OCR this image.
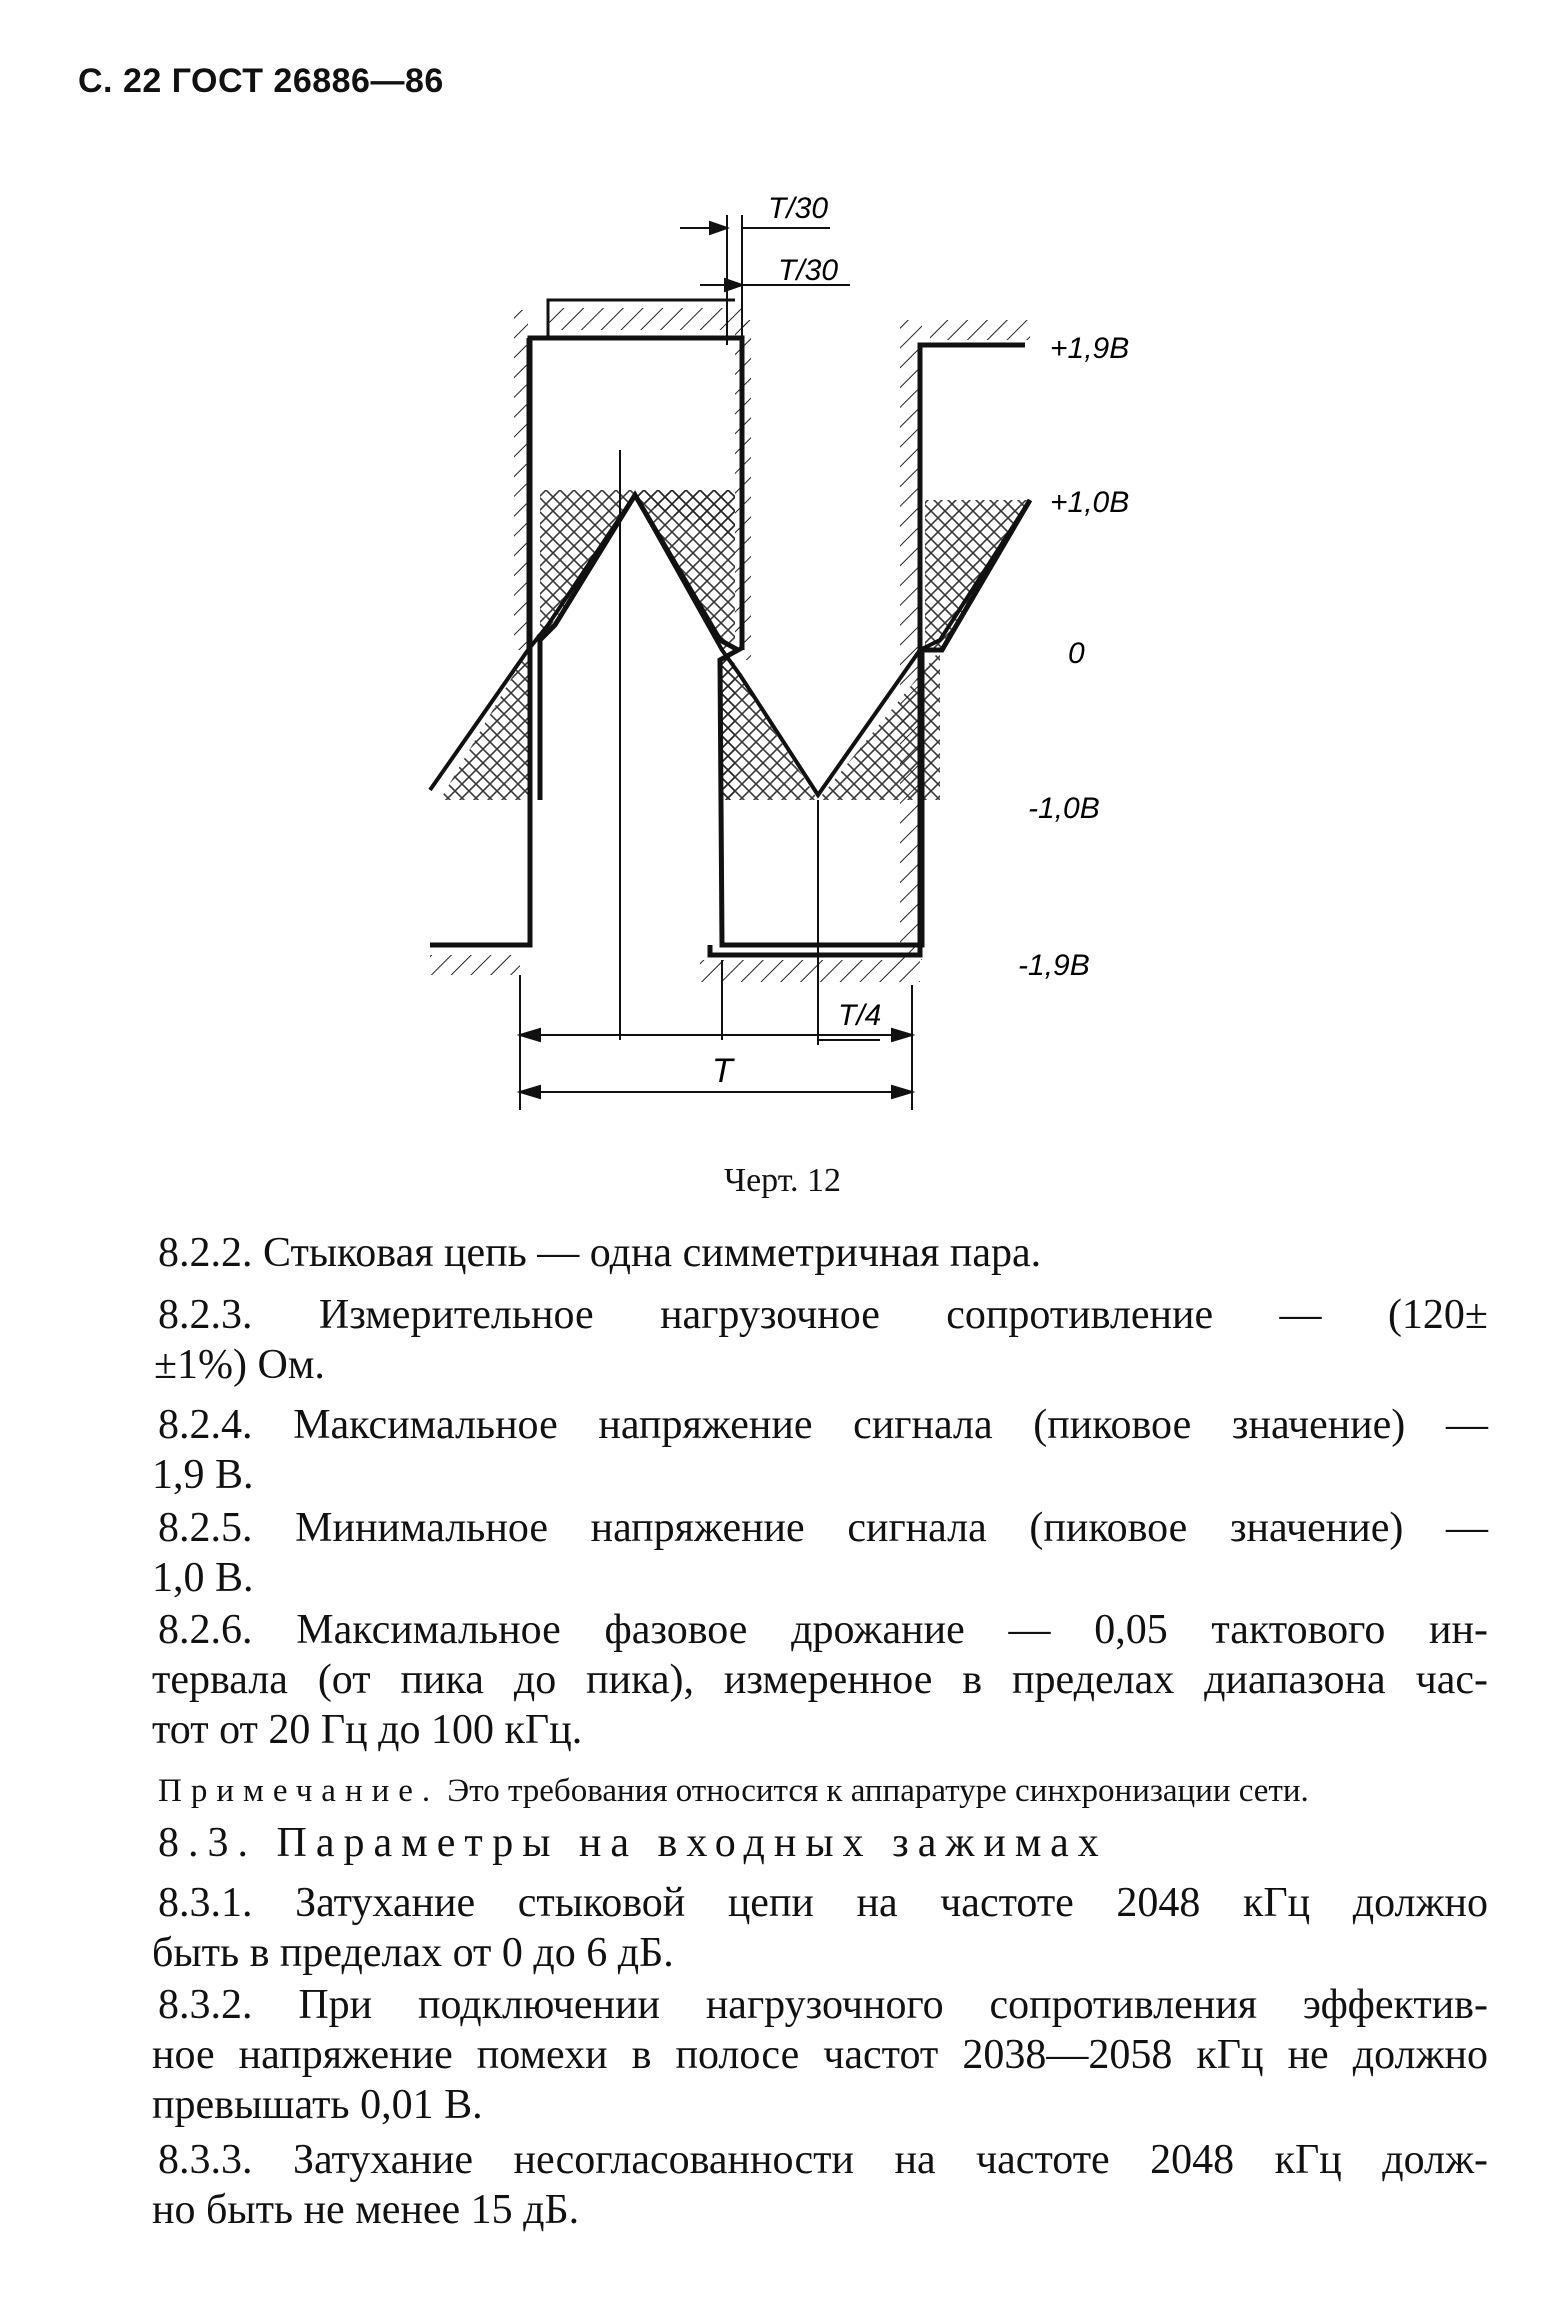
С. 22 ГОСТ 26886—86
T/30
T/30
T/4
T
+1,9В
+1,0В
0
-1,0В
-1,9В
Черт. 12
8.2.2. Стыковая цепь — одна симметричная пара.
8.2.3. Измерительное нагрузочное сопротивление — (120±
±1%) Ом.
8.2.4. Максимальное напряжение сигнала (пиковое значение) —
1,9 В.
8.2.5. Минимальное напряжение сигнала (пиковое значение) —
1,0 В.
8.2.6. Максимальное фазовое дрожание — 0,05 тактового ин-
тервала (от пика до пика), измеренное в пределах диапазона час-
тот от 20 Гц до 100 кГц.
Примечание. Это требования относится к аппаратуре синхронизации сети.
8.3. Параметры на входных зажимах
8.3.1. Затухание стыковой цепи на частоте 2048 кГц должно
быть в пределах от 0 до 6 дБ.
8.3.2. При подключении нагрузочного сопротивления эффектив-
ное напряжение помехи в полосе частот 2038—2058 кГц не должно
превышать 0,01 В.
8.3.3. Затухание несогласованности на частоте 2048 кГц долж-
но быть не менее 15 дБ.
